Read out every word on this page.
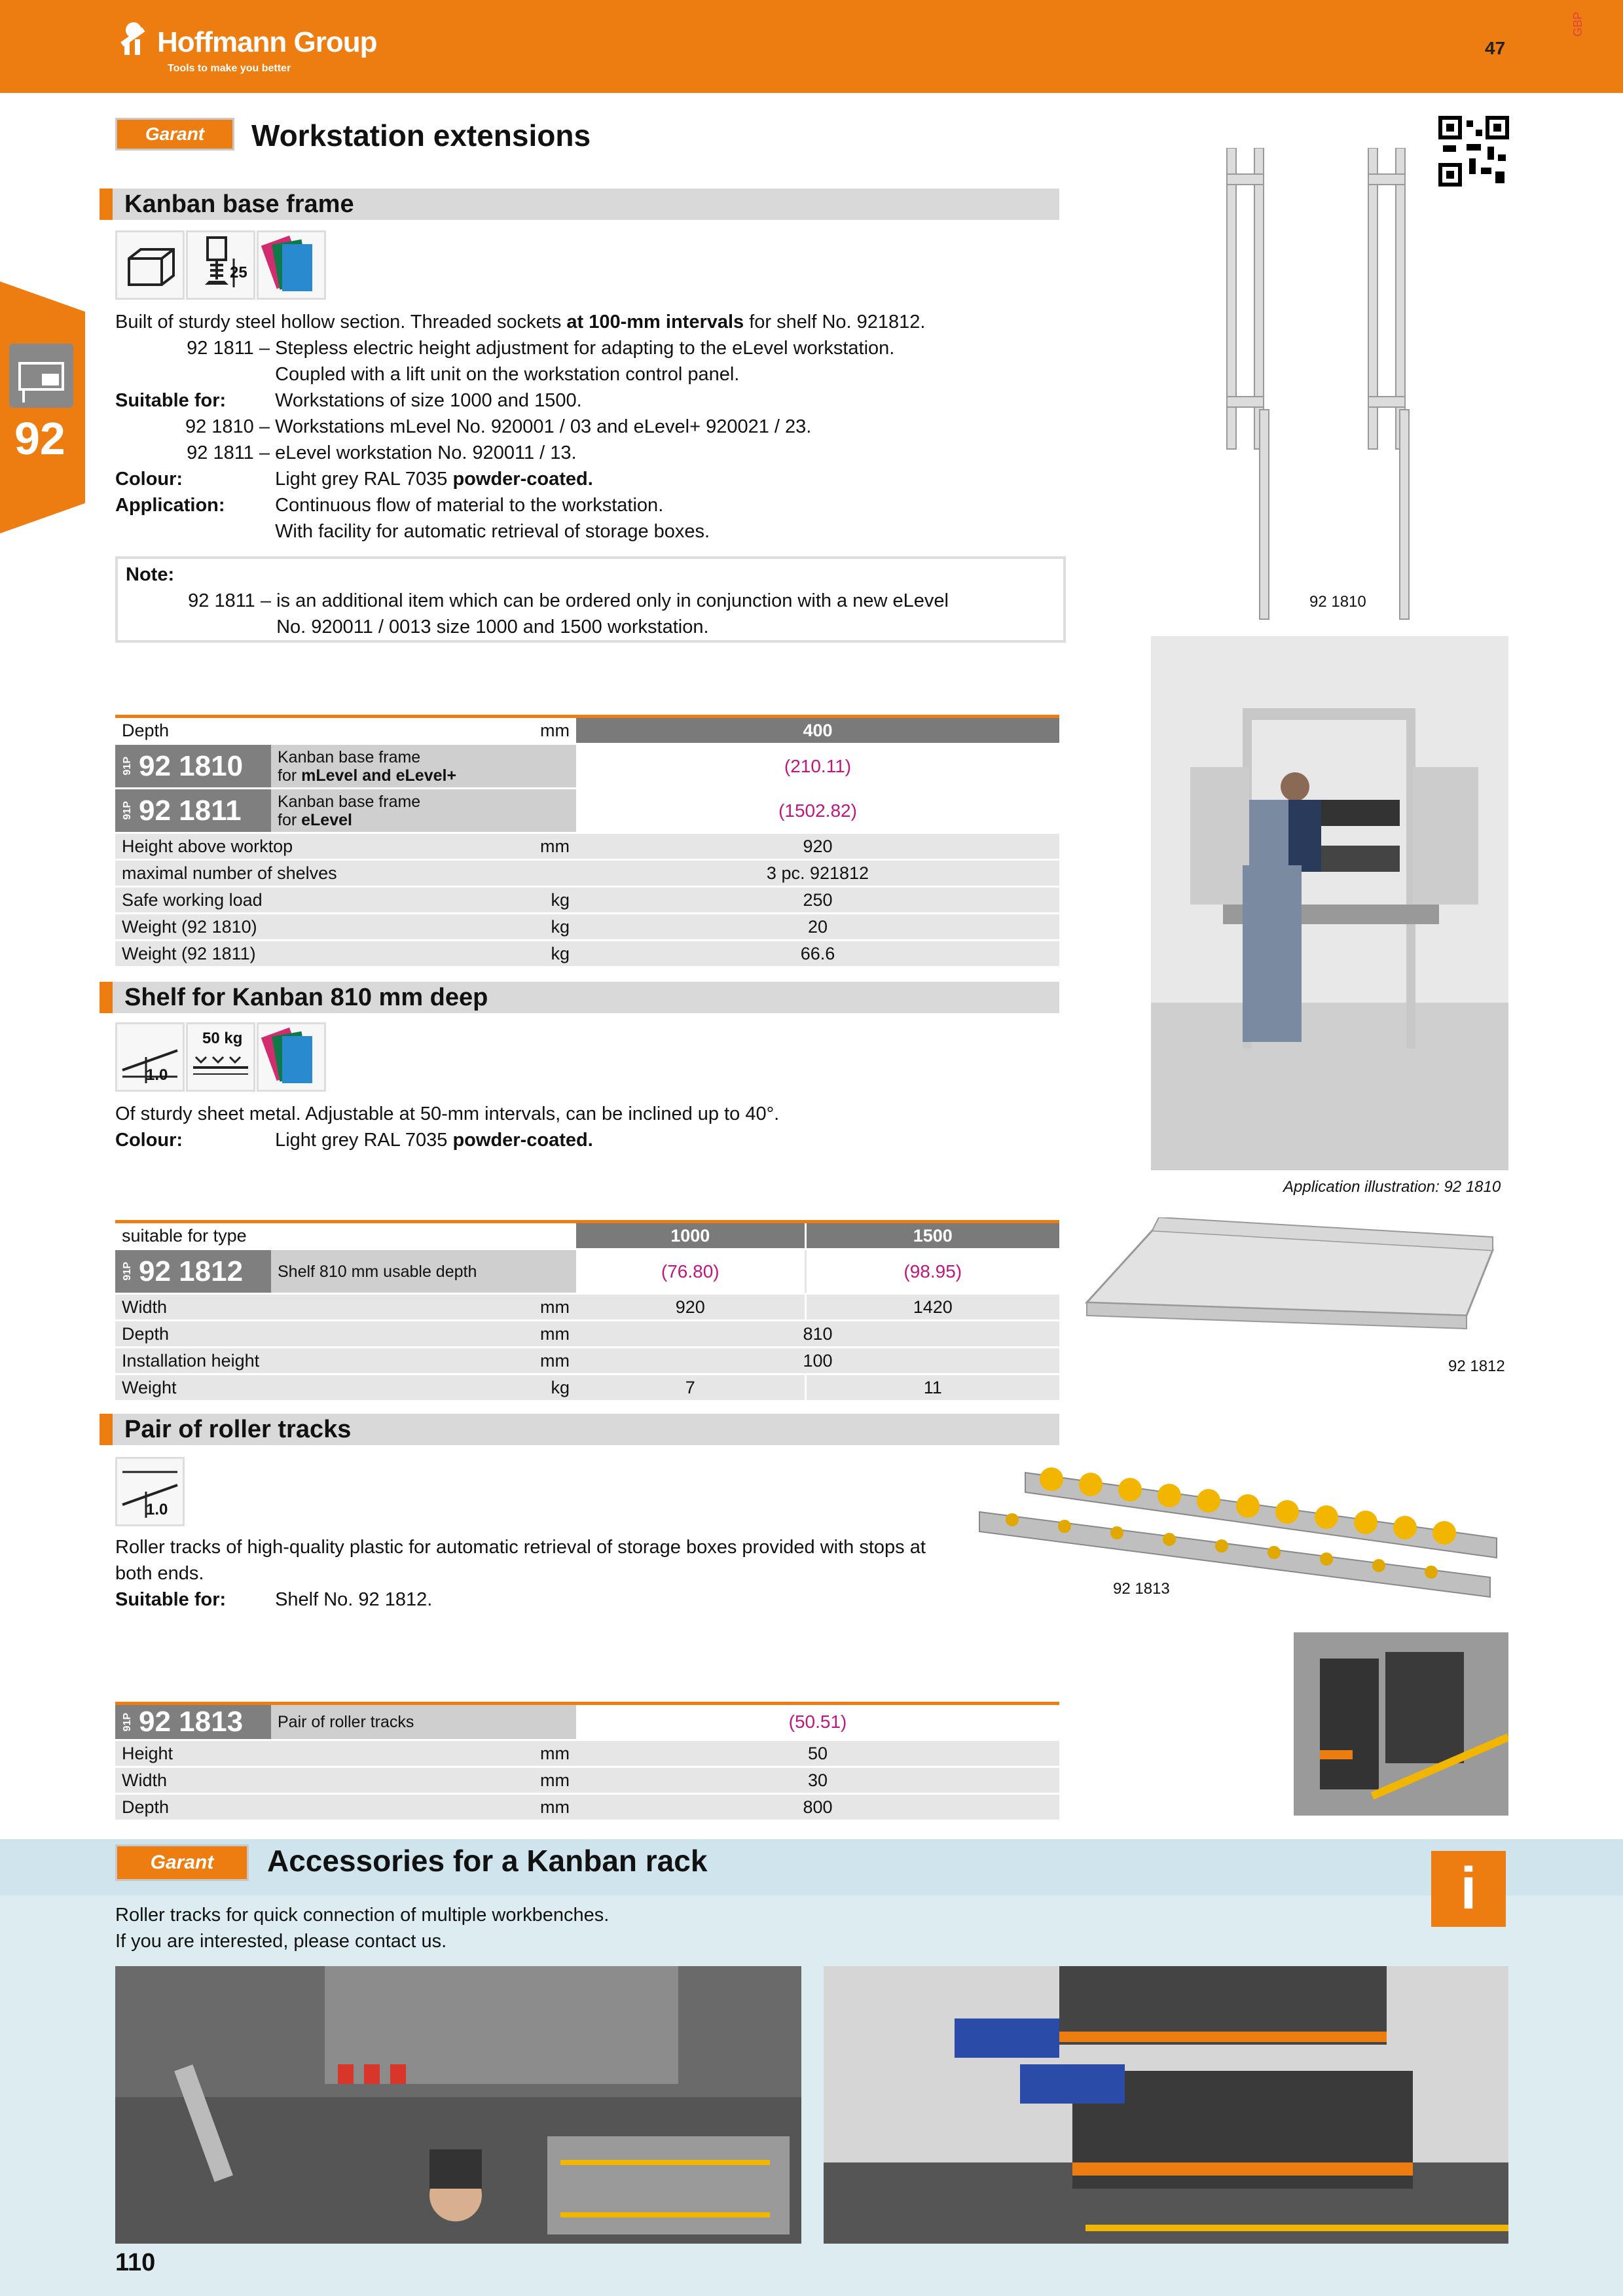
Hoffmann Group
Tools to make you better
47
GBP
92
Garant	Workstation extensions
Kanban base frame
25
Built of sturdy steel hollow section. Threaded sockets at 100-mm intervals for shelf No. 921812.
92 1811 – Stepless electric height adjustment for adapting to the eLevel workstation.
Coupled with a lift unit on the workstation control panel.
Suitable for:	Workstations of size 1000 and 1500.
92 1810 – Workstations mLevel No. 920001 / 03 and eLevel+ 920021 / 23.
92 1811 – eLevel workstation No. 920011 / 13.
Colour:	Light grey RAL 7035 powder-coated.
Application:	Continuous flow of material to the workstation.
With facility for automatic retrieval of storage boxes.
Note:
92 1811 – is an additional item which can be ordered only in conjunction with a new eLevel
No. 920011 / 0013 size 1000 and 1500 workstation.
92 1810
Application illustration: 92 1810
Depth		mm	400
91P 92 1810	Kanban base frame
for mLevel and eLevel+		(210.11)
91P 92 1811	Kanban base frame
for eLevel		(1502.82)
Height above worktop		mm	920
maximal number of shelves			3 pc. 921812
Safe working load		kg	250
Weight (92 1810)		kg	20
Weight (92 1811)		kg	66.6
Shelf for Kanban 810 mm deep
1.0
50 kg
Of sturdy sheet metal. Adjustable at 50-mm intervals, can be inclined up to 40°.
Colour:	Light grey RAL 7035 powder-coated.
suitable for type			1000	1500
91P 92 1812	Shelf 810 mm usable depth		(76.80)	(98.95)
Width		mm	920	1420
Depth		mm	810	
Installation height		mm	100	
Weight		kg	7	11
92 1812
Pair of roller tracks
1.0
Roller tracks of high-quality plastic for automatic retrieval of storage boxes provided with stops at
both ends.
Suitable for:	Shelf No. 92 1812.
92 1813
91P 92 1813	Pair of roller tracks		(50.51)
Height		mm	50
Width		mm	30
Depth		mm	800
Garant	Accessories for a Kanban rack	i
Roller tracks for quick connection of multiple workbenches.
If you are interested, please contact us.
110
